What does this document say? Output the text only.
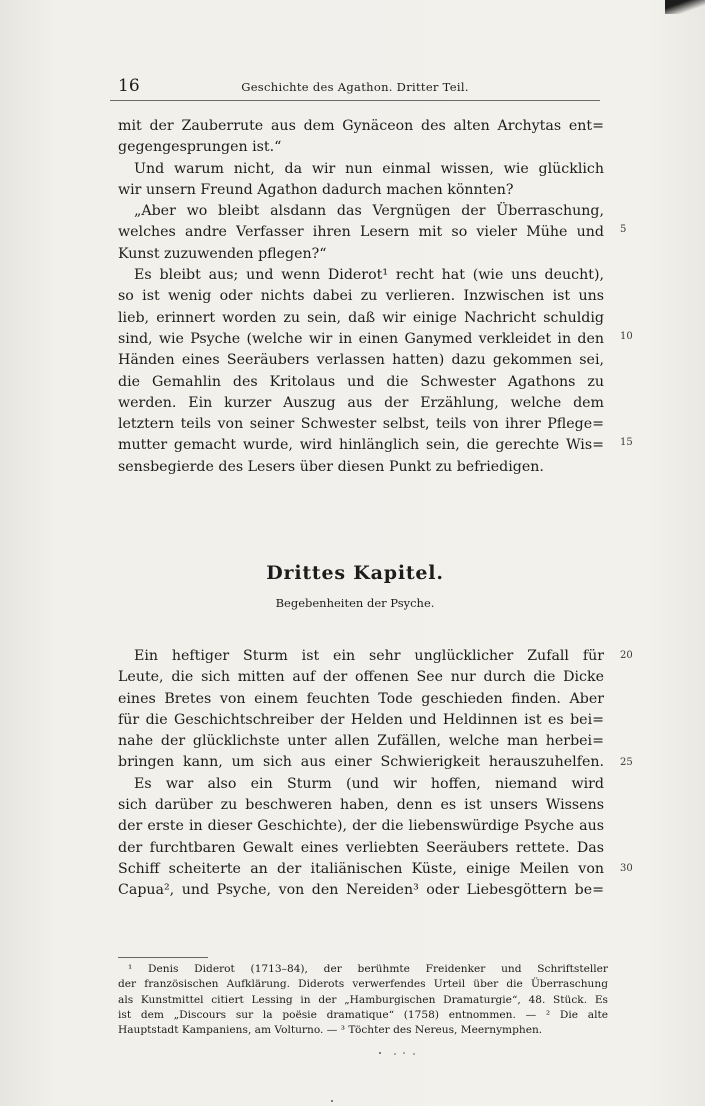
16	Geschichte des Agathon. Dritter Teil.
mit der Zauberrute aus dem Gynäceon des alten Archytas ent=
gegengesprungen ist.“
Und warum nicht, da wir nun einmal wissen, wie glücklich
wir unsern Freund Agathon dadurch machen könnten?
„Aber wo bleibt alsdann das Vergnügen der Überraschung,
welches andre Verfasser ihren Lesern mit so vieler Mühe und
Kunst zuzuwenden pflegen?“
Es bleibt aus; und wenn Diderot¹ recht hat (wie uns deucht),
so ist wenig oder nichts dabei zu verlieren. Inzwischen ist uns
lieb, erinnert worden zu sein, daß wir einige Nachricht schuldig
sind, wie Psyche (welche wir in einen Ganymed verkleidet in den
Händen eines Seeräubers verlassen hatten) dazu gekommen sei,
die Gemahlin des Kritolaus und die Schwester Agathons zu
werden. Ein kurzer Auszug aus der Erzählung, welche dem
letztern teils von seiner Schwester selbst, teils von ihrer Pflege=
mutter gemacht wurde, wird hinlänglich sein, die gerechte Wis=
sensbegierde des Lesers über diesen Punkt zu befriedigen.
Drittes Kapitel.
Begebenheiten der Psyche.
Ein heftiger Sturm ist ein sehr unglücklicher Zufall für
Leute, die sich mitten auf der offenen See nur durch die Dicke
eines Bretes von einem feuchten Tode geschieden finden. Aber
für die Geschichtschreiber der Helden und Heldinnen ist es bei=
nahe der glücklichste unter allen Zufällen, welche man herbei=
bringen kann, um sich aus einer Schwierigkeit herauszuhelfen.
Es war also ein Sturm (und wir hoffen, niemand wird
sich darüber zu beschweren haben, denn es ist unsers Wissens
der erste in dieser Geschichte), der die liebenswürdige Psyche aus
der furchtbaren Gewalt eines verliebten Seeräubers rettete. Das
Schiff scheiterte an der italiänischen Küste, einige Meilen von
Capua², und Psyche, von den Nereiden³ oder Liebesgöttern be=
5
10
15
20
25
30
¹ Denis Diderot (1713–84), der berühmte Freidenker und Schriftsteller
der französischen Aufklärung. Diderots verwerfendes Urteil über die Überraschung
als Kunstmittel citiert Lessing in der „Hamburgischen Dramaturgie“, 48. Stück. Es
ist dem „Discours sur la poësie dramatique“ (1758) entnommen. — ² Die alte
Hauptstadt Kampaniens, am Volturno. — ³ Töchter des Nereus, Meernymphen.
